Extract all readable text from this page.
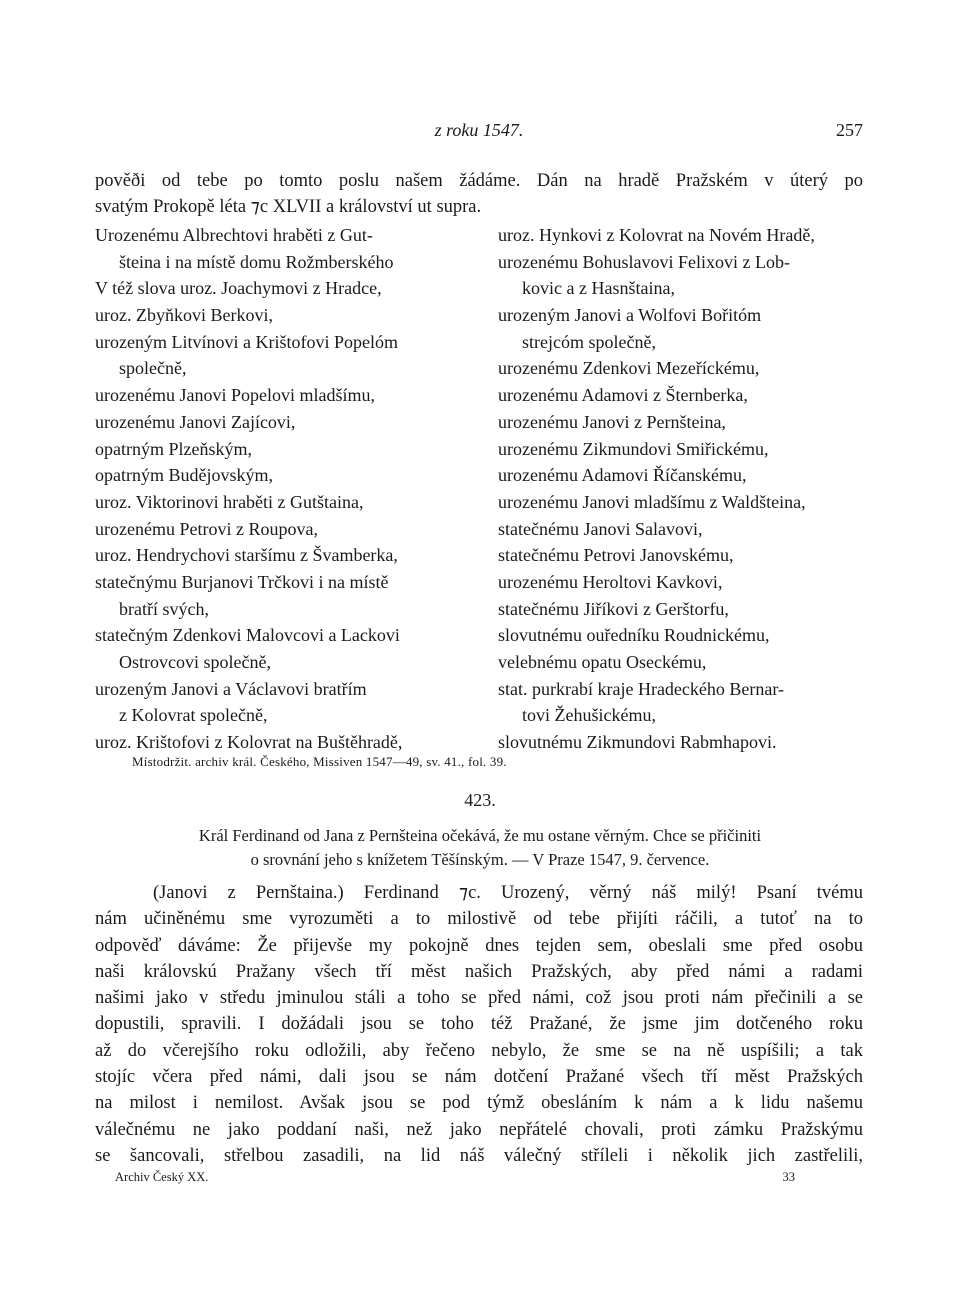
z roku 1547.	257
pověði od tebe po tomto poslu našem žádáme. Dán na hradě Pražském v úterý po
svatým Prokopě léta ⁊c XLVII a království ut supra.
Urozenému Albrechtovi hraběti z Gut-
šteina i na místě domu Rožmberského
V též slova uroz. Joachymovi z Hradce,
uroz. Zbyňkovi Berkovi,
urozeným Litvínovi a Krištofovi Popelóm
společně,
urozenému Janovi Popelovi mladšímu,
urozenému Janovi Zajícovi,
opatrným Plzeňským,
opatrným Budějovským,
uroz. Viktorinovi hraběti z Gutštaina,
urozenému Petrovi z Roupova,
uroz. Hendrychovi staršímu z Švamberka,
statečnýmu Burjanovi Trčkovi i na místě
bratří svých,
statečným Zdenkovi Malovcovi a Lackovi
Ostrovcovi společně,
urozeným Janovi a Václavovi bratřím
z Kolovrat společně,
uroz. Krištofovi z Kolovrat na Buštěhradě,
uroz. Hynkovi z Kolovrat na Novém Hradě,
urozenému Bohuslavovi Felixovi z Lob-
kovic a z Hasnštaina,
urozeným Janovi a Wolfovi Bořitóm
strejcóm společně,
urozenému Zdenkovi Mezeříckému,
urozenému Adamovi z Šternberka,
urozenému Janovi z Pernšteina,
urozenému Zikmundovi Smiřickému,
urozenému Adamovi Říčanskému,
urozenému Janovi mladšímu z Waldšteina,
statečnému Janovi Salavovi,
statečnému Petrovi Janovskému,
urozenému Heroltovi Kavkovi,
statečnému Jiříkovi z Gerštorfu,
slovutnému ouředníku Roudnickému,
velebnému opatu Oseckému,
stat. purkrabí kraje Hradeckého Bernar-
tovi Žehušickému,
slovutnému Zikmundovi Rabmhapovi.
Místodržit. archiv král. Českého, Missiven 1547—49, sv. 41., fol. 39.
423.
Král Ferdinand od Jana z Pernšteina očekává, že mu ostane věrným. Chce se přičiniti
o srovnání jeho s knížetem Těšínským. — V Praze 1547, 9. července.
(Janovi z Pernštaina.) Ferdinand ⁊c. Urozený, věrný náš milý! Psaní tvému
nám učiněnému sme vyrozuměti a to milostivě od tebe přijíti ráčili, a tutoť na to
odpověď dáváme: Že přijevše my pokojně dnes tejden sem, obeslali sme před osobu
naši královskú Pražany všech tří měst našich Pražských, aby před námi a radami
našimi jako v středu jminulou stáli a toho se před námi, což jsou proti nám přečinili a se
dopustili, spravili. I dožádali jsou se toho též Pražané, že jsme jim dotčeného roku
až do včerejšího roku odložili, aby řečeno nebylo, že sme se na ně uspíšili; a tak
stojíc včera před námi, dali jsou se nám dotčení Pražané všech tří měst Pražských
na milost i nemilost. Avšak jsou se pod týmž obesláním k nám a k lidu našemu
válečnému ne jako poddaní naši, než jako nepřátelé chovali, proti zámku Pražskýmu
se šancovali, střelbou zasadili, na lid náš válečný stříleli i několik jich zastřelili,
Archiv Český XX.	33
